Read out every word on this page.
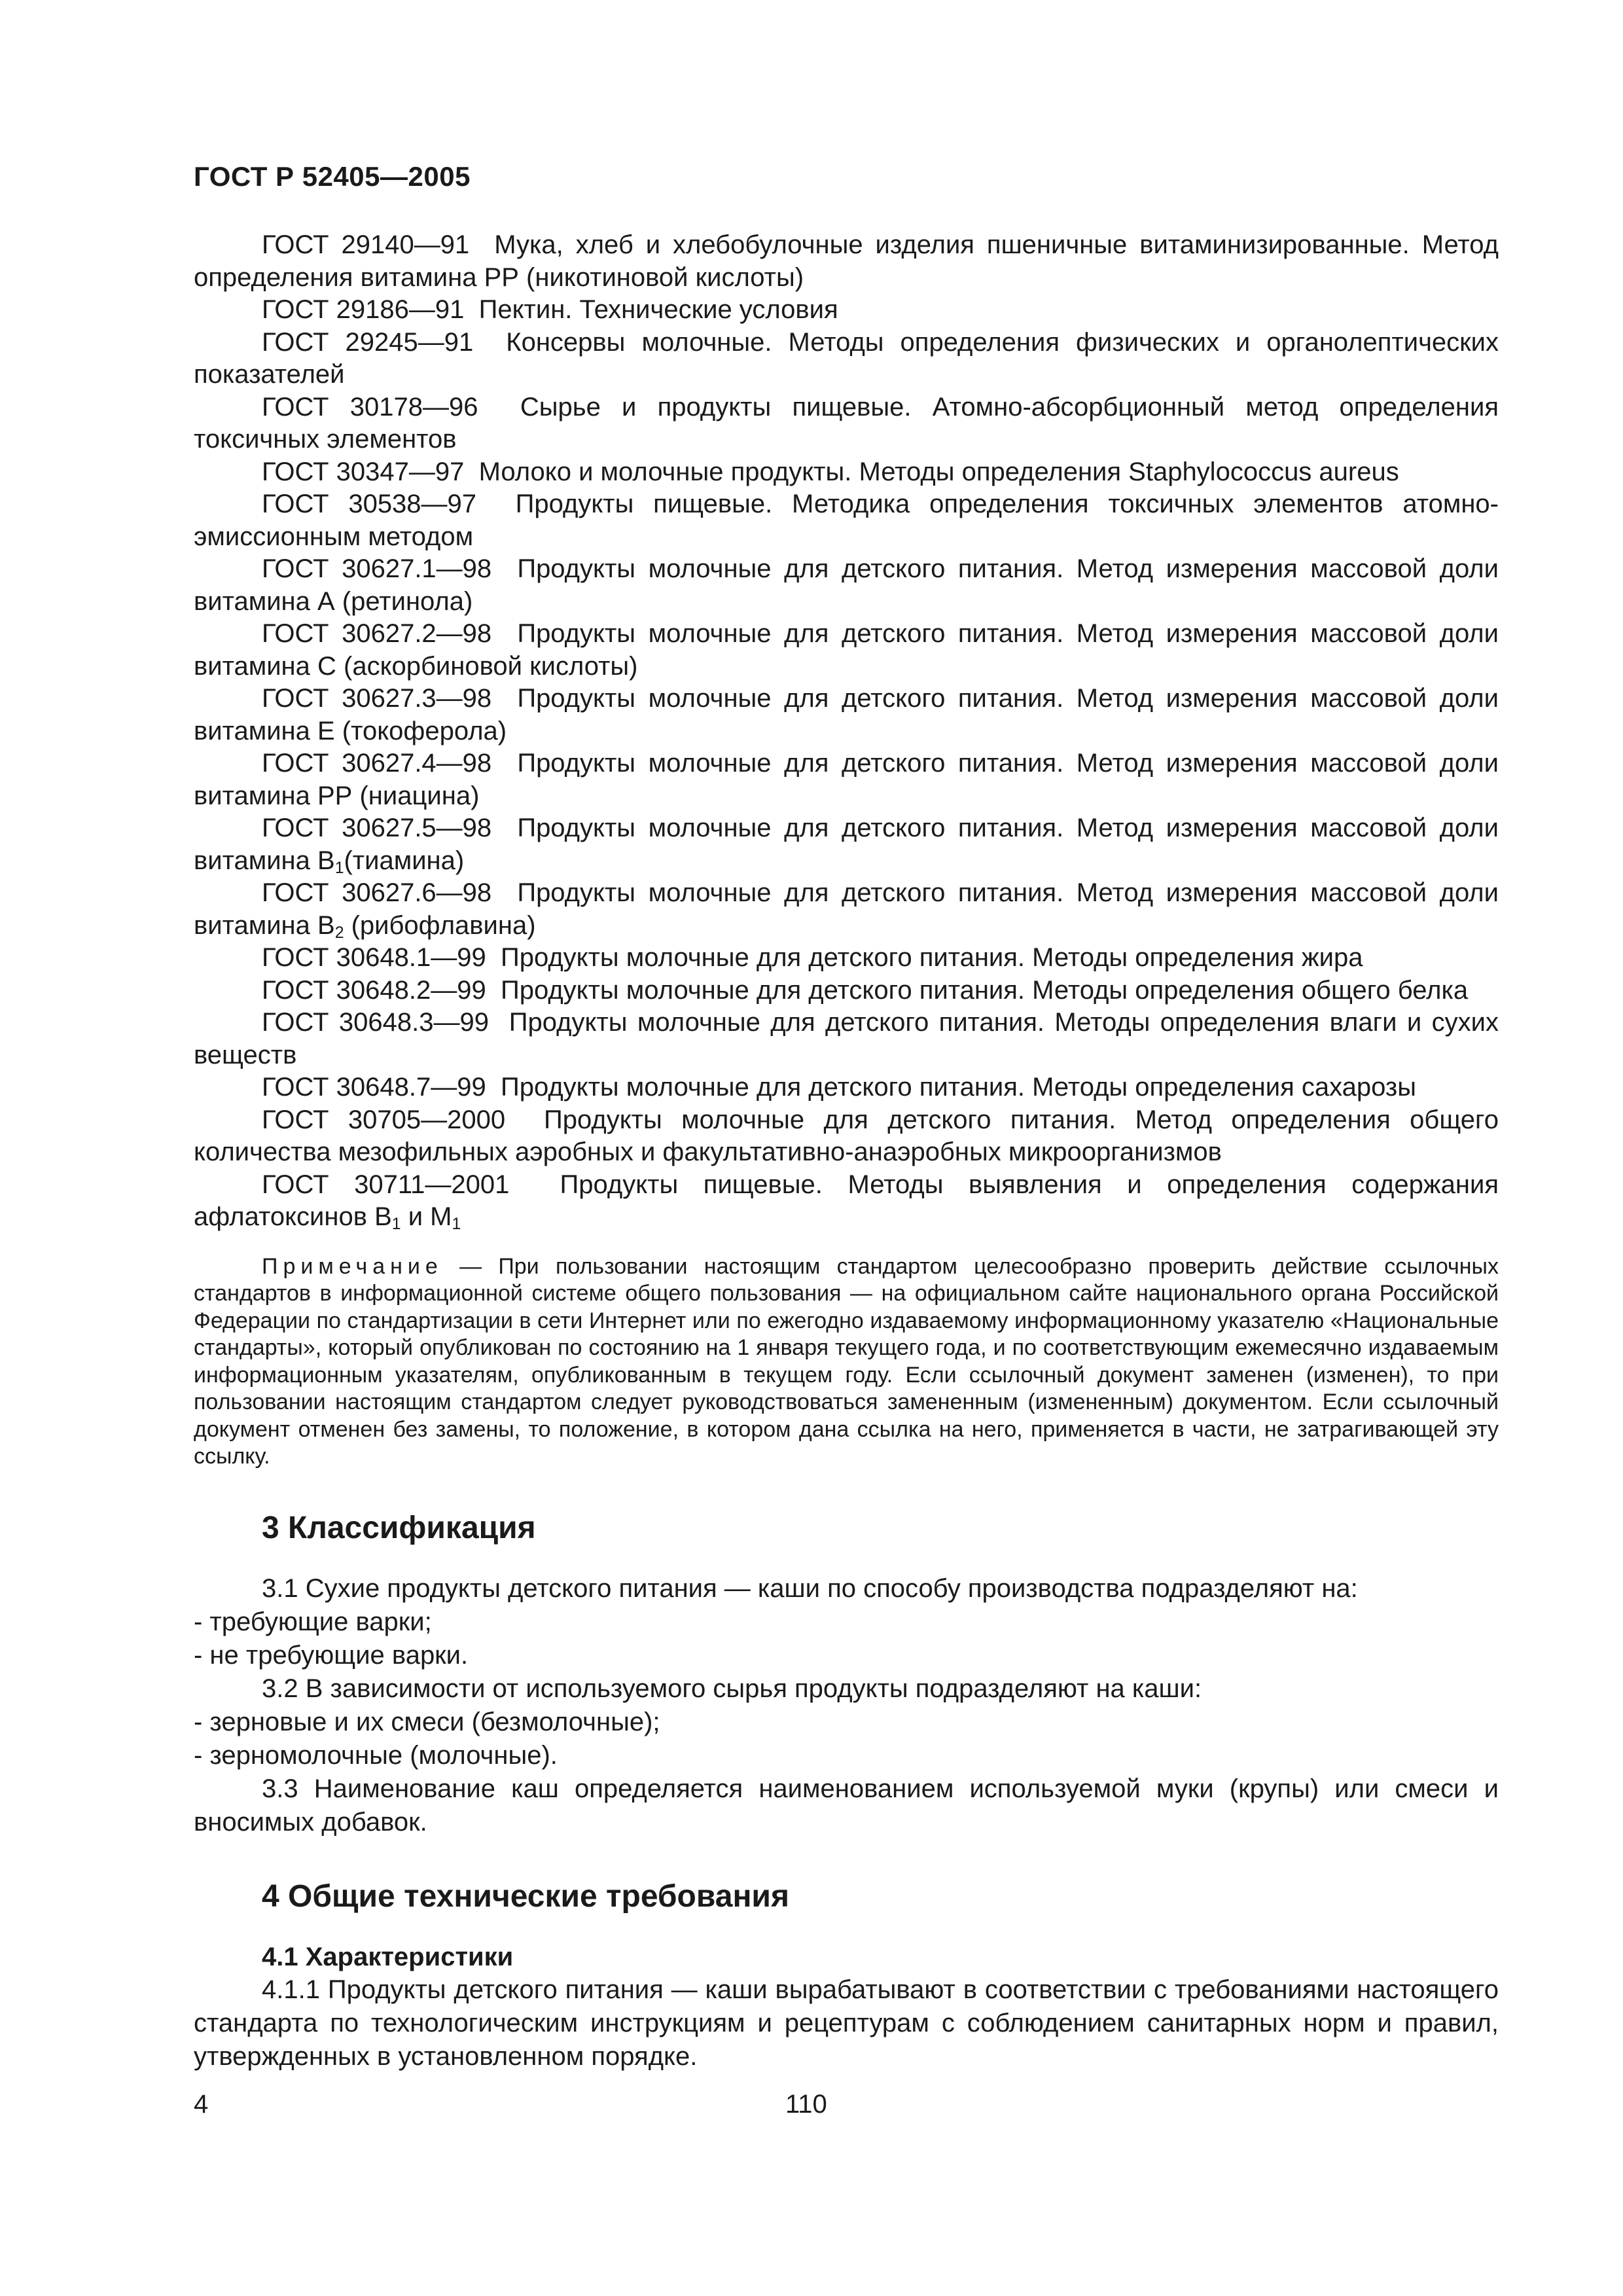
ГОСТ Р 52405—2005

ГОСТ 29140—91 Мука, хлеб и хлебобулочные изделия пшеничные витаминизированные. Метод определения витамина РР (никотиновой кислоты)

ГОСТ 29186—91 Пектин. Технические условия

ГОСТ 29245—91 Консервы молочные. Методы определения физических и органолептических показателей

ГОСТ 30178—96 Сырье и продукты пищевые. Атомно-абсорбционный метод определения токсичных элементов

ГОСТ 30347—97 Молоко и молочные продукты. Методы определения Staphylococcus aureus

ГОСТ 30538—97 Продукты пищевые. Методика определения токсичных элементов атомно-эмиссионным методом

ГОСТ 30627.1—98 Продукты молочные для детского питания. Метод измерения массовой доли витамина А (ретинола)

ГОСТ 30627.2—98 Продукты молочные для детского питания. Метод измерения массовой доли витамина С (аскорбиновой кислоты)

ГОСТ 30627.3—98 Продукты молочные для детского питания. Метод измерения массовой доли витамина Е (токоферола)

ГОСТ 30627.4—98 Продукты молочные для детского питания. Метод измерения массовой доли витамина РР (ниацина)

ГОСТ 30627.5—98 Продукты молочные для детского питания. Метод измерения массовой доли витамина $В_1(тиамина)$

ГОСТ 30627.6—98 Продукты молочные для детского питания. Метод измерения массовой доли витамина $В_2$ (рибофлавина)

ГОСТ 30648.1—99 Продукты молочные для детского питания. Методы определения жира

ГОСТ 30648.2—99 Продукты молочные для детского питания. Методы определения общего белка

ГОСТ 30648.3—99 Продукты молочные для детского питания. Методы определения влаги и сухих веществ

ГОСТ 30648.7—99 Продукты молочные для детского питания. Методы определения сахарозы

ГОСТ 30705—2000 Продукты молочные для детского питания. Метод определения общего количества мезофильных аэробных и факультативно-анаэробных микроорганизмов

ГОСТ 30711—2001 Продукты пищевые. Методы выявления и определения содержания афлатоксинов $В_1$ и $М_1$

Примечание — При пользовании настоящим стандартом целесообразно проверить действие ссылочных стандартов в информационной системе общего пользования — на официальном сайте национального органа Российской Федерации по стандартизации в сети Интернет или по ежегодно издаваемому информационному указателю «Национальные стандарты», который опубликован по состоянию на 1 января текущего года, и по соответствующим ежемесячно издаваемым информационным указателям, опубликованным в текущем году. Если ссылочный документ заменен (изменен), то при пользовании настоящим стандартом следует руководствоваться замененным (измененным) документом. Если ссылочный документ отменен без замены, то положение, в котором дана ссылка на него, применяется в части, не затрагивающей эту ссылку.

3 Классификация

3.1 Сухие продукты детского питания — каши по способу производства подразделяют на:

- требующие варки;

- не требующие варки.

3.2 В зависимости от используемого сырья продукты подразделяют на каши:

- зерновые и их смеси (безмолочные);

- зерномолочные (молочные).

3.3 Наименование каш определяется наименованием используемой муки (крупы) или смеси и вносимых добавок.

4 Общие технические требования
4.1 Характеристики

4.1.1 Продукты детского питания — каши вырабатывают в соответствии с требованиями настоящего стандарта по технологическим инструкциям и рецептурам с соблюдением санитарных норм и правил, утвержденных в установленном порядке.

4	110
